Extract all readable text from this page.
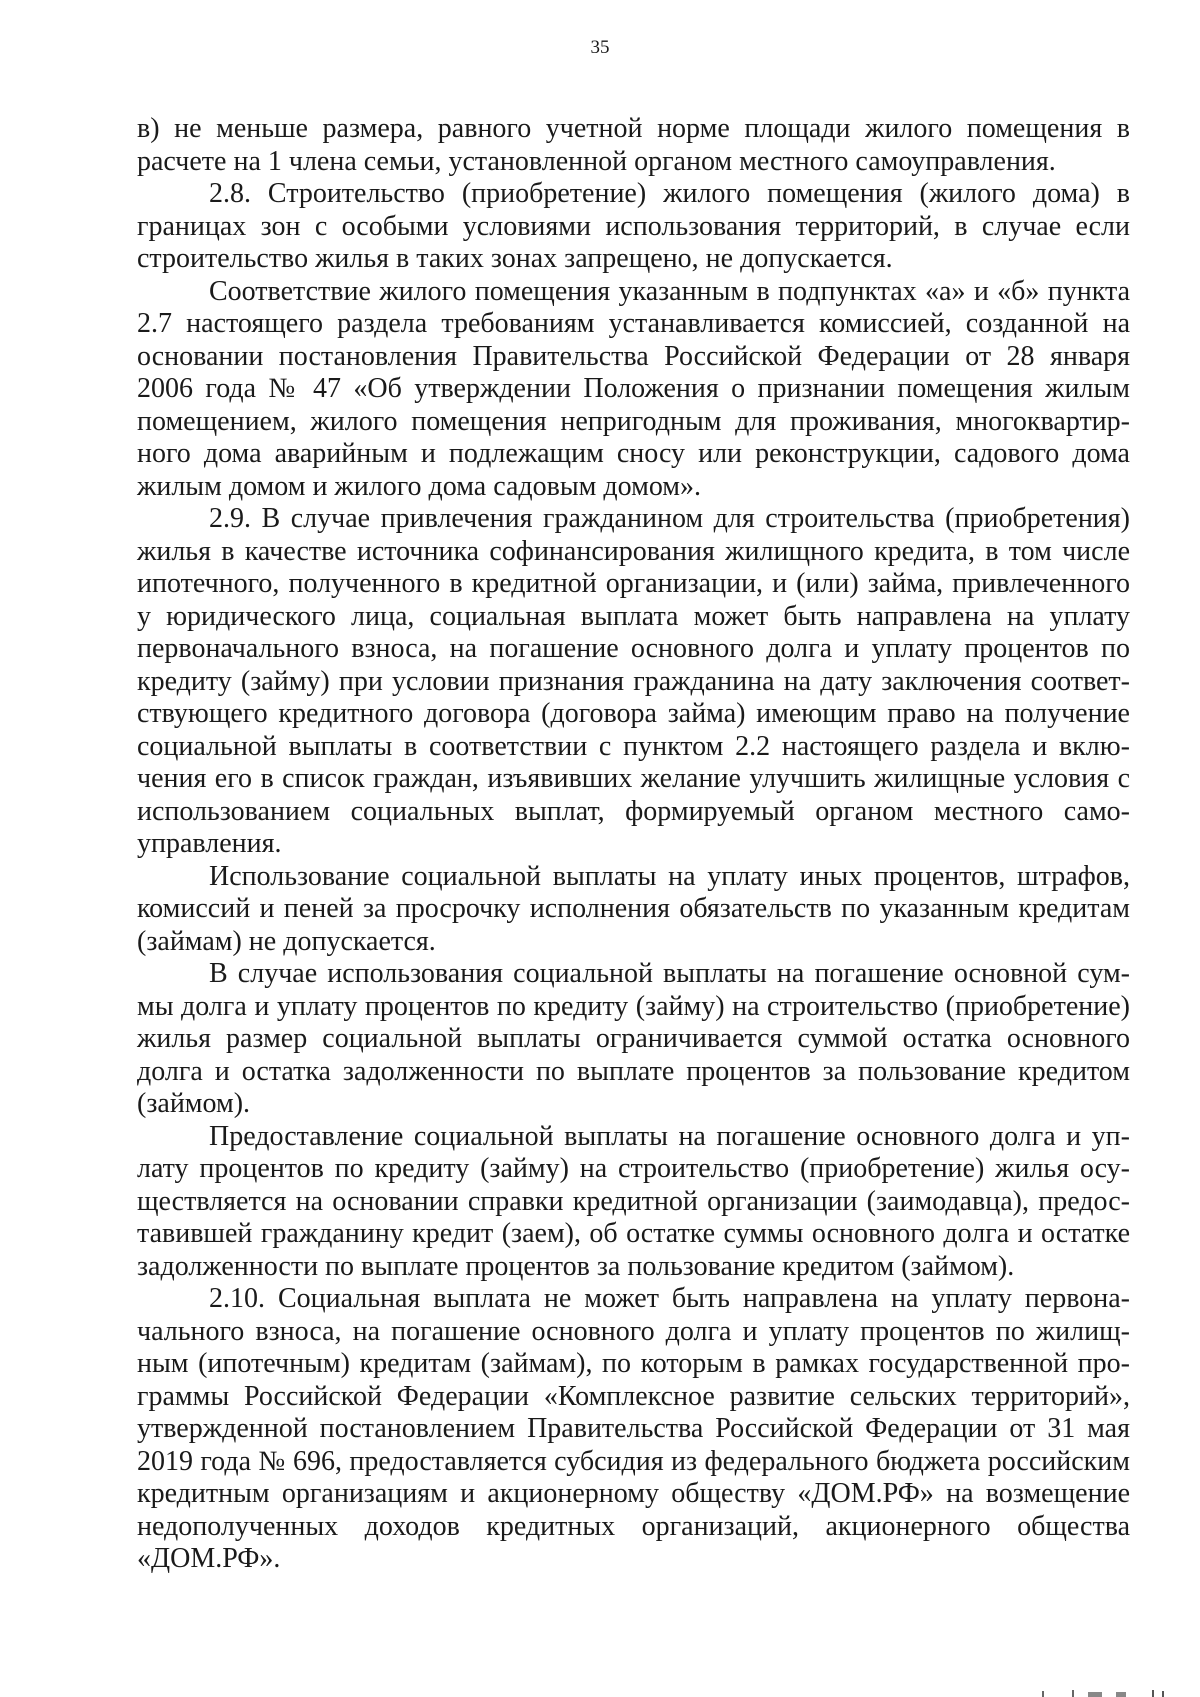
35

в) не меньше размера, равного учетной норме площади жилого помещения в расчете на 1 члена семьи, установленной органом местного самоуправления.

2.8. Строительство (приобретение) жилого помещения (жилого дома) в границах зон с особыми условиями использования территорий, в случае если строительство жилья в таких зонах запрещено, не допускается.

Соответствие жилого помещения указанным в подпунктах «а» и «б» пункта 2.7 настоящего раздела требованиям устанавливается комиссией, созданной на основании постановления Правительства Российской Федерации от 28 января 2006 года № 47 «Об утверждении Положения о признании помещения жилым помещением, жилого помещения непригодным для проживания, многоквартирного дома аварийным и подлежащим сносу или реконструкции, садового дома жилым домом и жилого дома садовым домом».

2.9. В случае привлечения гражданином для строительства (приобретения) жилья в качестве источника софинансирования жилищного кредита, в том числе ипотечного, полученного в кредитной организации, и (или) займа, привлеченного у юридического лица, социальная выплата может быть направлена на уплату первоначального взноса, на погашение основного долга и уплату процентов по кредиту (займу) при условии признания гражданина на дату заключения соответствующего кредитного договора (договора займа) имеющим право на получение социальной выплаты в соответствии с пунктом 2.2 настоящего раздела и включения его в список граждан, изъявивших желание улучшить жилищные условия с использованием социальных выплат, формируемый органом местного самоуправления.

Использование социальной выплаты на уплату иных процентов, штрафов, комиссий и пеней за просрочку исполнения обязательств по указанным кредитам (займам) не допускается.

В случае использования социальной выплаты на погашение основной суммы долга и уплату процентов по кредиту (займу) на строительство (приобретение) жилья размер социальной выплаты ограничивается суммой остатка основного долга и остатка задолженности по выплате процентов за пользование кредитом (займом).

Предоставление социальной выплаты на погашение основного долга и уплату процентов по кредиту (займу) на строительство (приобретение) жилья осуществляется на основании справки кредитной организации (заимодавца), предоставившей гражданину кредит (заем), об остатке суммы основного долга и остатке задолженности по выплате процентов за пользование кредитом (займом).

2.10. Социальная выплата не может быть направлена на уплату первоначального взноса, на погашение основного долга и уплату процентов по жилищным (ипотечным) кредитам (займам), по которым в рамках государственной программы Российской Федерации «Комплексное развитие сельских территорий», утвержденной постановлением Правительства Российской Федерации от 31 мая 2019 года № 696, предоставляется субсидия из федерального бюджета российским кредитным организациям и акционерному обществу «ДОМ.РФ» на возмещение недополученных доходов кредитных организаций, акционерного общества «ДОМ.РФ».
